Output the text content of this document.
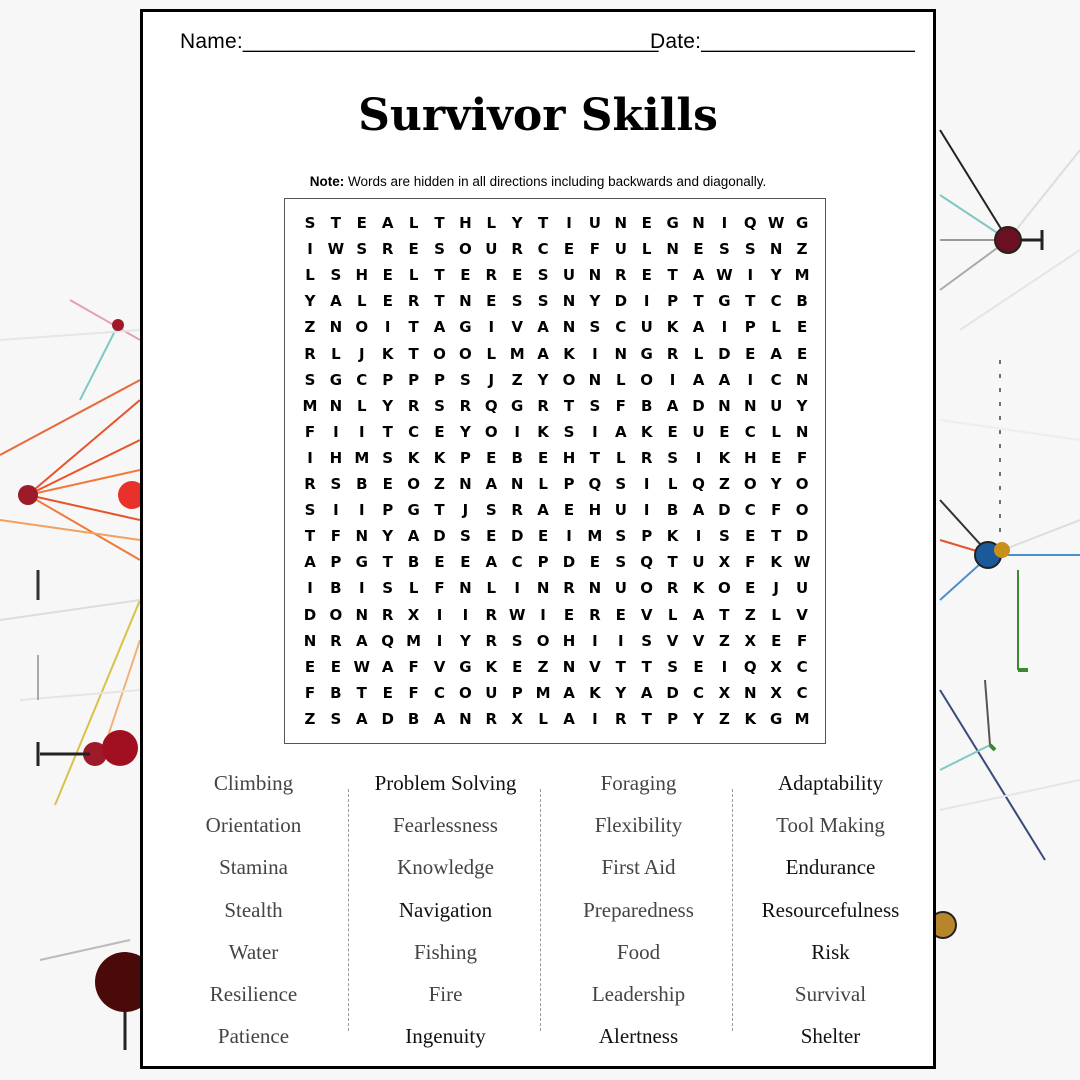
Name:___________________________________
Date:__________________
Survivor Skills
Note: Words are hidden in all directions including backwards and diagonally.
S	T	E A	L	T H L	Y	T	I	U N E G N	I	Q W G
I W S R	E	S O U R C	E	F U	L N E	S	S N Z
L	S H E	L	T	E	R E	S U N R E	T A W I	Y M
Y A	L	E	R	T N E	S	S N Y D	I	P	T G T	C B
Z N O	I	T A G	I	V A N S C U K A	I	P	L	E
R	L	J	K T O O L M A K	I	N G R	L D E A E
S G C P P P S	J	Z	Y O N L O	I	A A	I	C N
M N L	Y R S R Q G R	T	S	F	B A D N N U Y
F	I	I	T	C	E	Y O	I	K S	I	A K E U E	C	L N
I	H M S K K P	E	B	E H T	L	R S	I	K H E	F
R S B	E O Z N A N L	P Q S	I	L Q Z O Y O
S	I	I	P G T	J	S R A E H U	I	B A D C	F O
T	F N Y A D S	E D E	I	M S P K	I	S	E	T D
A P G T	B	E	E A C P D E	S Q T U X	F K W
I	B	I	S	L	F N L	I	N R N U O R K O E	J	U
D O N R X	I	I	R W I	E R	E V	L	A T	Z	L	V
N R A Q M	I	Y R S O H	I	I	S V V Z X E	F
E	E W A F V G K E	Z N V T	T	S	E	I	Q X C
F	B	T	E	F	C O U P M A K Y A D C X N X C
Z	S A D B A N R X	L	A	I	R T	P Y	Z K G M
Climbing
Orientation
Stamina
Stealth
Water
Resilience
Patience
Problem Solving
Fearlessness
Knowledge
Navigation
Fishing
Fire
Ingenuity
Foraging
Flexibility
First Aid
Preparedness
Food
Leadership
Alertness
Adaptability
Tool Making
Endurance
Resourcefulness
Risk
Survival
Shelter
